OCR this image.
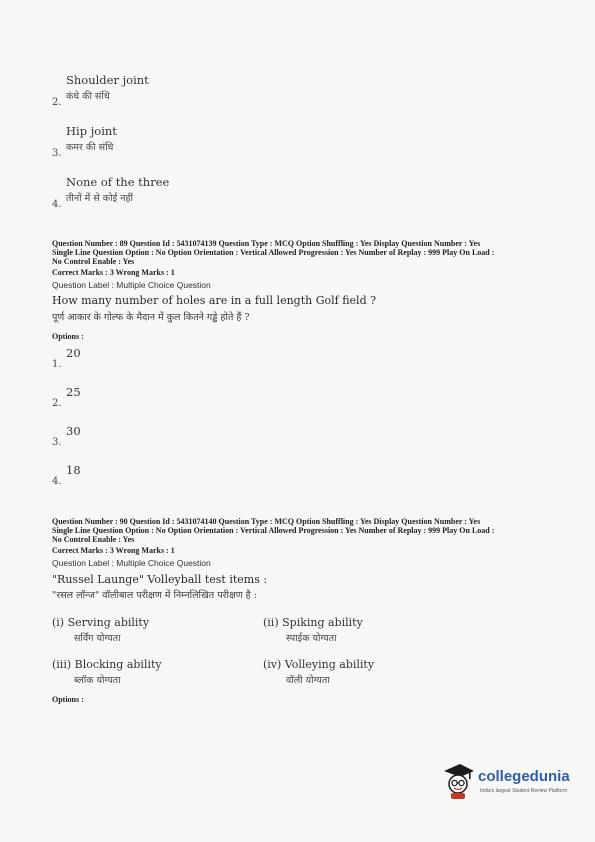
Shoulder joint
कंधे की संधि
2.
Hip joint
कमर की संधि
3.
None of the three
तीनों में से कोई नहीं
4.
Question Number : 89 Question Id : 5431074139 Question Type : MCQ Option Shuffling : Yes Display Question Number : Yes
Single Line Question Option : No Option Orientation : Vertical Allowed Progression : Yes Number of Replay : 999 Play On Load :
No Control Enable : Yes
Correct Marks : 3 Wrong Marks : 1
Question Label : Multiple Choice Question
How many number of holes are in a full length Golf field ?
पूर्ण आकार के गोल्फ के मैदान में कुल कितने गड्ढे होते हैं ?
Options :
20
1.
25
2.
30
3.
18
4.
Question Number : 90 Question Id : 5431074140 Question Type : MCQ Option Shuffling : Yes Display Question Number : Yes
Single Line Question Option : No Option Orientation : Vertical Allowed Progression : Yes Number of Replay : 999 Play On Load :
No Control Enable : Yes
Correct Marks : 3 Wrong Marks : 1
Question Label : Multiple Choice Question
"Russel Launge" Volleyball test items :
"रसल लॉन्ज" वॉलीबाल परीक्षण में निम्नलिखित परीक्षण है :
(i) Serving ability
सर्विंग योग्यता
(ii) Spiking ability
स्पाईक योग्यता
(iii) Blocking ability
ब्लॉक योग्यता
(iv) Volleying ability
वॉली योग्यता
Options :
collegedunia
India's largest Student Review Platform
